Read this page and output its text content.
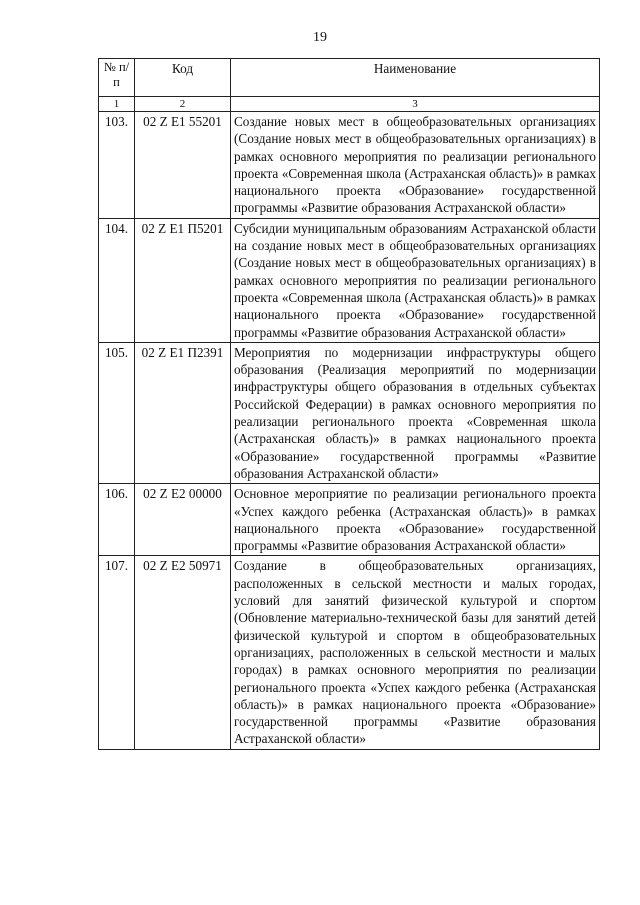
19
№ п/п	Код	Наименование
1	2	3
103.	02 Z E1 55201	Создание новых мест в общеобразовательных организациях (Создание новых мест в общеобразовательных организациях) в рамках основного мероприятия по реализации регионального проекта «Современная школа (Астраханская область)» в рамках национального проекта «Образование» государственной программы «Развитие образования Астраханской области»
104.	02 Z E1 П5201	Субсидии муниципальным образованиям Астраханской области на создание новых мест в общеобразовательных организациях (Создание новых мест в общеобразовательных организациях) в рамках основного мероприятия по реализации регионального проекта «Современная школа (Астраханская область)» в рамках национального проекта «Образование» государственной программы «Развитие образования Астраханской области»
105.	02 Z E1 П2391	Мероприятия по модернизации инфраструктуры общего образования (Реализация мероприятий по модернизации инфраструктуры общего образования в отдельных субъектах Российской Федерации) в рамках основного мероприятия по реализации регионального проекта «Современная школа (Астраханская область)» в рамках национального проекта «Образование» государственной программы «Развитие образования Астраханской области»
106.	02 Z E2 00000	Основное мероприятие по реализации регионального проекта «Успех каждого ребенка (Астраханская область)» в рамках национального проекта «Образование» государственной программы «Развитие образования Астраханской области»
107.	02 Z E2 50971	Создание в общеобразовательных организациях, расположенных в сельской местности и малых городах, условий для занятий физической культурой и спортом (Обновление материально-технической базы для занятий детей физической культурой и спортом в общеобразовательных организациях, расположенных в сельской местности и малых городах) в рамках основного мероприятия по реализации регионального проекта «Успех каждого ребенка (Астраханская область)» в рамках национального проекта «Образование» государственной программы «Развитие образования Астраханской области»
